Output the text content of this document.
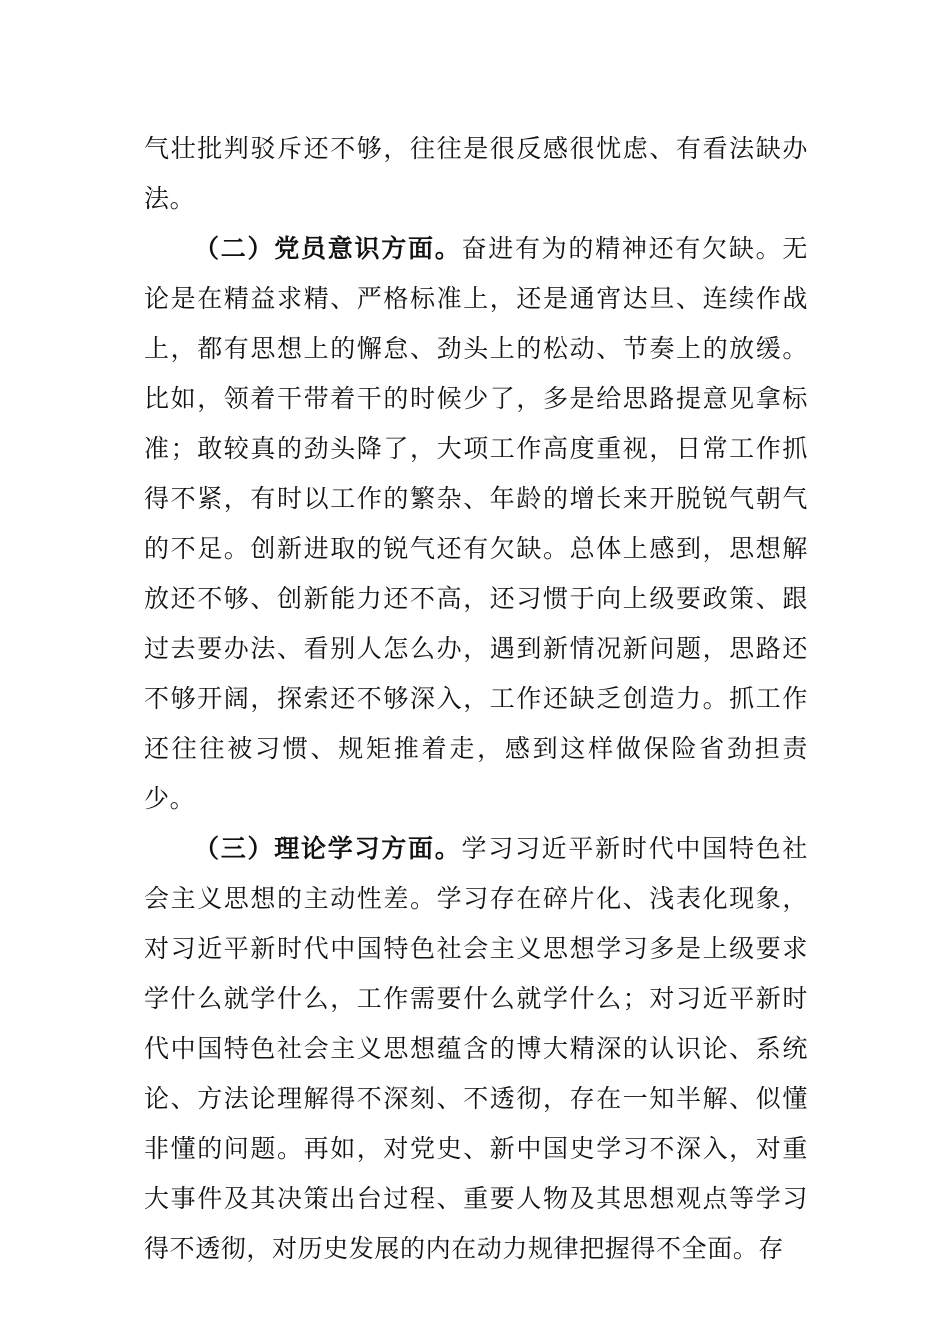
气壮批判驳斥还不够，往往是很反感很忧虑、有看法缺办法。

（二）党员意识方面。奋进有为的精神还有欠缺。无论是在精益求精、严格标准上，还是通宵达旦、连续作战上，都有思想上的懈怠、劲头上的松动、节奏上的放缓。比如，领着干带着干的时候少了，多是给思路提意见拿标准；敢较真的劲头降了，大项工作高度重视，日常工作抓得不紧，有时以工作的繁杂、年龄的增长来开脱锐气朝气的不足。创新进取的锐气还有欠缺。总体上感到，思想解放还不够、创新能力还不高，还习惯于向上级要政策、跟过去要办法、看别人怎么办，遇到新情况新问题，思路还不够开阔，探索还不够深入，工作还缺乏创造力。抓工作还往往被习惯、规矩推着走，感到这样做保险省劲担责少。

（三）理论学习方面。学习习近平新时代中国特色社会主义思想的主动性差。学习存在碎片化、浅表化现象，对习近平新时代中国特色社会主义思想学习多是上级要求学什么就学什么，工作需要什么就学什么；对习近平新时代中国特色社会主义思想蕴含的博大精深的认识论、系统论、方法论理解得不深刻、不透彻，存在一知半解、似懂非懂的问题。再如，对党史、新中国史学习不深入，对重大事件及其决策出台过程、重要人物及其思想观点等学习得不透彻，对历史发展的内在动力规律把握得不全面。存
